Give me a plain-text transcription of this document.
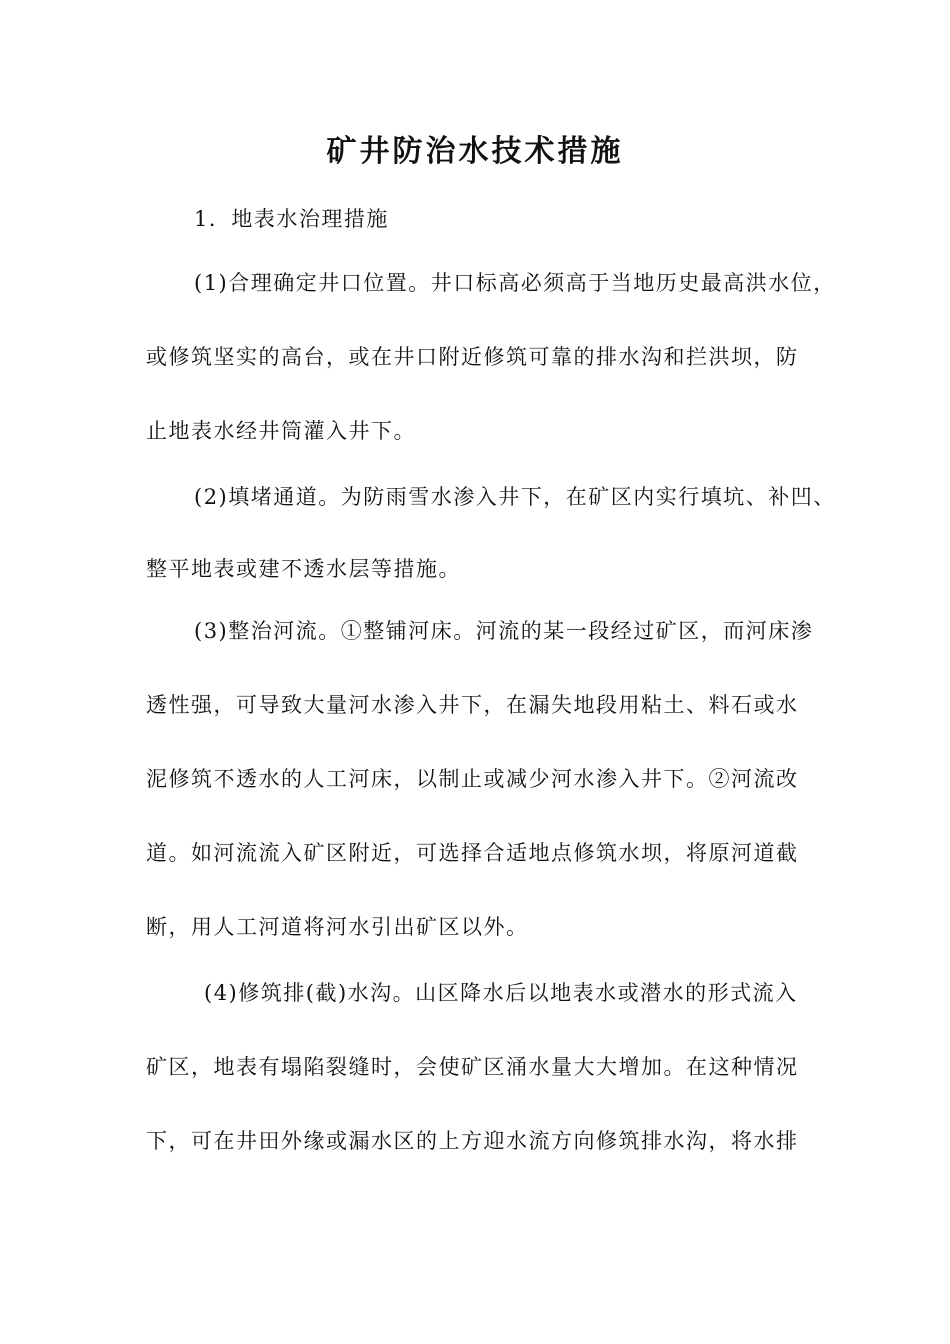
矿井防治水技术措施
1．地表水治理措施
(1)合理确定井口位置。井口标高必须高于当地历史最高洪水位，
或修筑坚实的高台，或在井口附近修筑可靠的排水沟和拦洪坝，防
止地表水经井筒灌入井下。
(2)填堵通道。为防雨雪水渗入井下，在矿区内实行填坑、补凹、
整平地表或建不透水层等措施。
(3)整治河流。①整铺河床。河流的某一段经过矿区，而河床渗
透性强，可导致大量河水渗入井下，在漏失地段用粘土、料石或水
泥修筑不透水的人工河床，以制止或减少河水渗入井下。②河流改
道。如河流流入矿区附近，可选择合适地点修筑水坝，将原河道截
断，用人工河道将河水引出矿区以外。
(4)修筑排(截)水沟。山区降水后以地表水或潜水的形式流入
矿区，地表有塌陷裂缝时，会使矿区涌水量大大增加。在这种情况
下，可在井田外缘或漏水区的上方迎水流方向修筑排水沟，将水排
